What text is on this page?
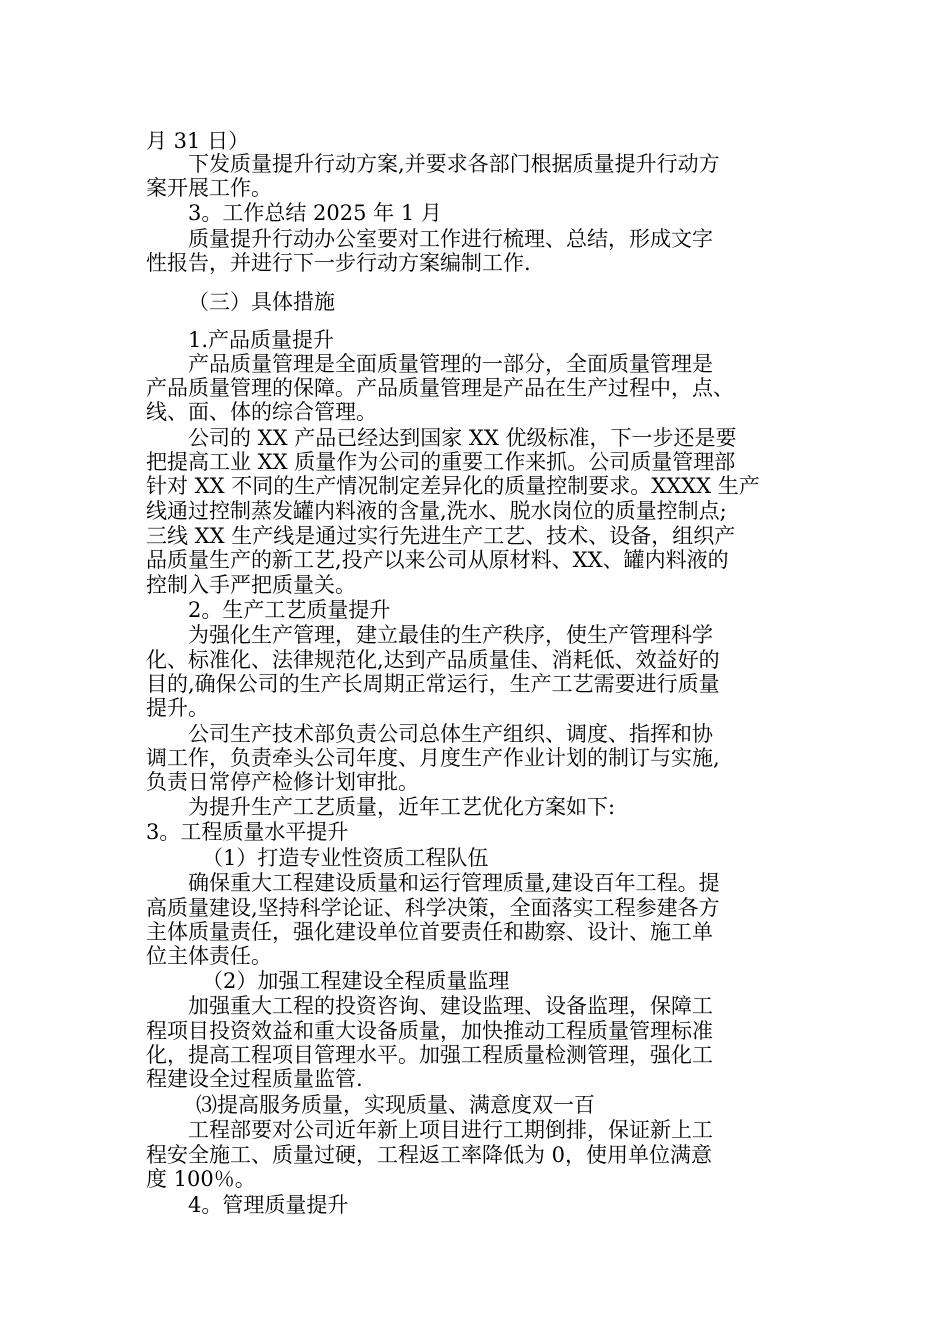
月 31 日）
下发质量提升行动方案,并要求各部门根据质量提升行动方
案开展工作。
3。工作总结 2025 年 1 月
质量提升行动办公室要对工作进行梳理、总结，形成文字
性报告，并进行下一步行动方案编制工作.
（三）具体措施
1.产品质量提升
产品质量管理是全面质量管理的一部分，全面质量管理是
产品质量管理的保障。产品质量管理是产品在生产过程中，点、
线、面、体的综合管理。
公司的 XX 产品已经达到国家 XX 优级标准，下一步还是要
把提高工业 XX 质量作为公司的重要工作来抓。公司质量管理部
针对 XX 不同的生产情况制定差异化的质量控制要求。XXXX 生产
线通过控制蒸发罐内料液的含量,洗水、脱水岗位的质量控制点;
三线 XX 生产线是通过实行先进生产工艺、技术、设备，组织产
品质量生产的新工艺,投产以来公司从原材料、XX、罐内料液的
控制入手严把质量关。
2。生产工艺质量提升
为强化生产管理，建立最佳的生产秩序，使生产管理科学
化、标准化、法律规范化,达到产品质量佳、消耗低、效益好的
目的,确保公司的生产长周期正常运行，生产工艺需要进行质量
提升。
公司生产技术部负责公司总体生产组织、调度、指挥和协
调工作，负责牵头公司年度、月度生产作业计划的制订与实施,
负责日常停产检修计划审批。
为提升生产工艺质量，近年工艺优化方案如下:
3。工程质量水平提升
（1）打造专业性资质工程队伍
确保重大工程建设质量和运行管理质量,建设百年工程。提
高质量建设,坚持科学论证、科学决策，全面落实工程参建各方
主体质量责任，强化建设单位首要责任和勘察、设计、施工单
位主体责任。
（2）加强工程建设全程质量监理
加强重大工程的投资咨询、建设监理、设备监理，保障工
程项目投资效益和重大设备质量，加快推动工程质量管理标准
化，提高工程项目管理水平。加强工程质量检测管理，强化工
程建设全过程质量监管.
⑶提高服务质量，实现质量、满意度双一百
工程部要对公司近年新上项目进行工期倒排，保证新上工
程安全施工、质量过硬，工程返工率降低为 0，使用单位满意
度 100％。
4。管理质量提升
